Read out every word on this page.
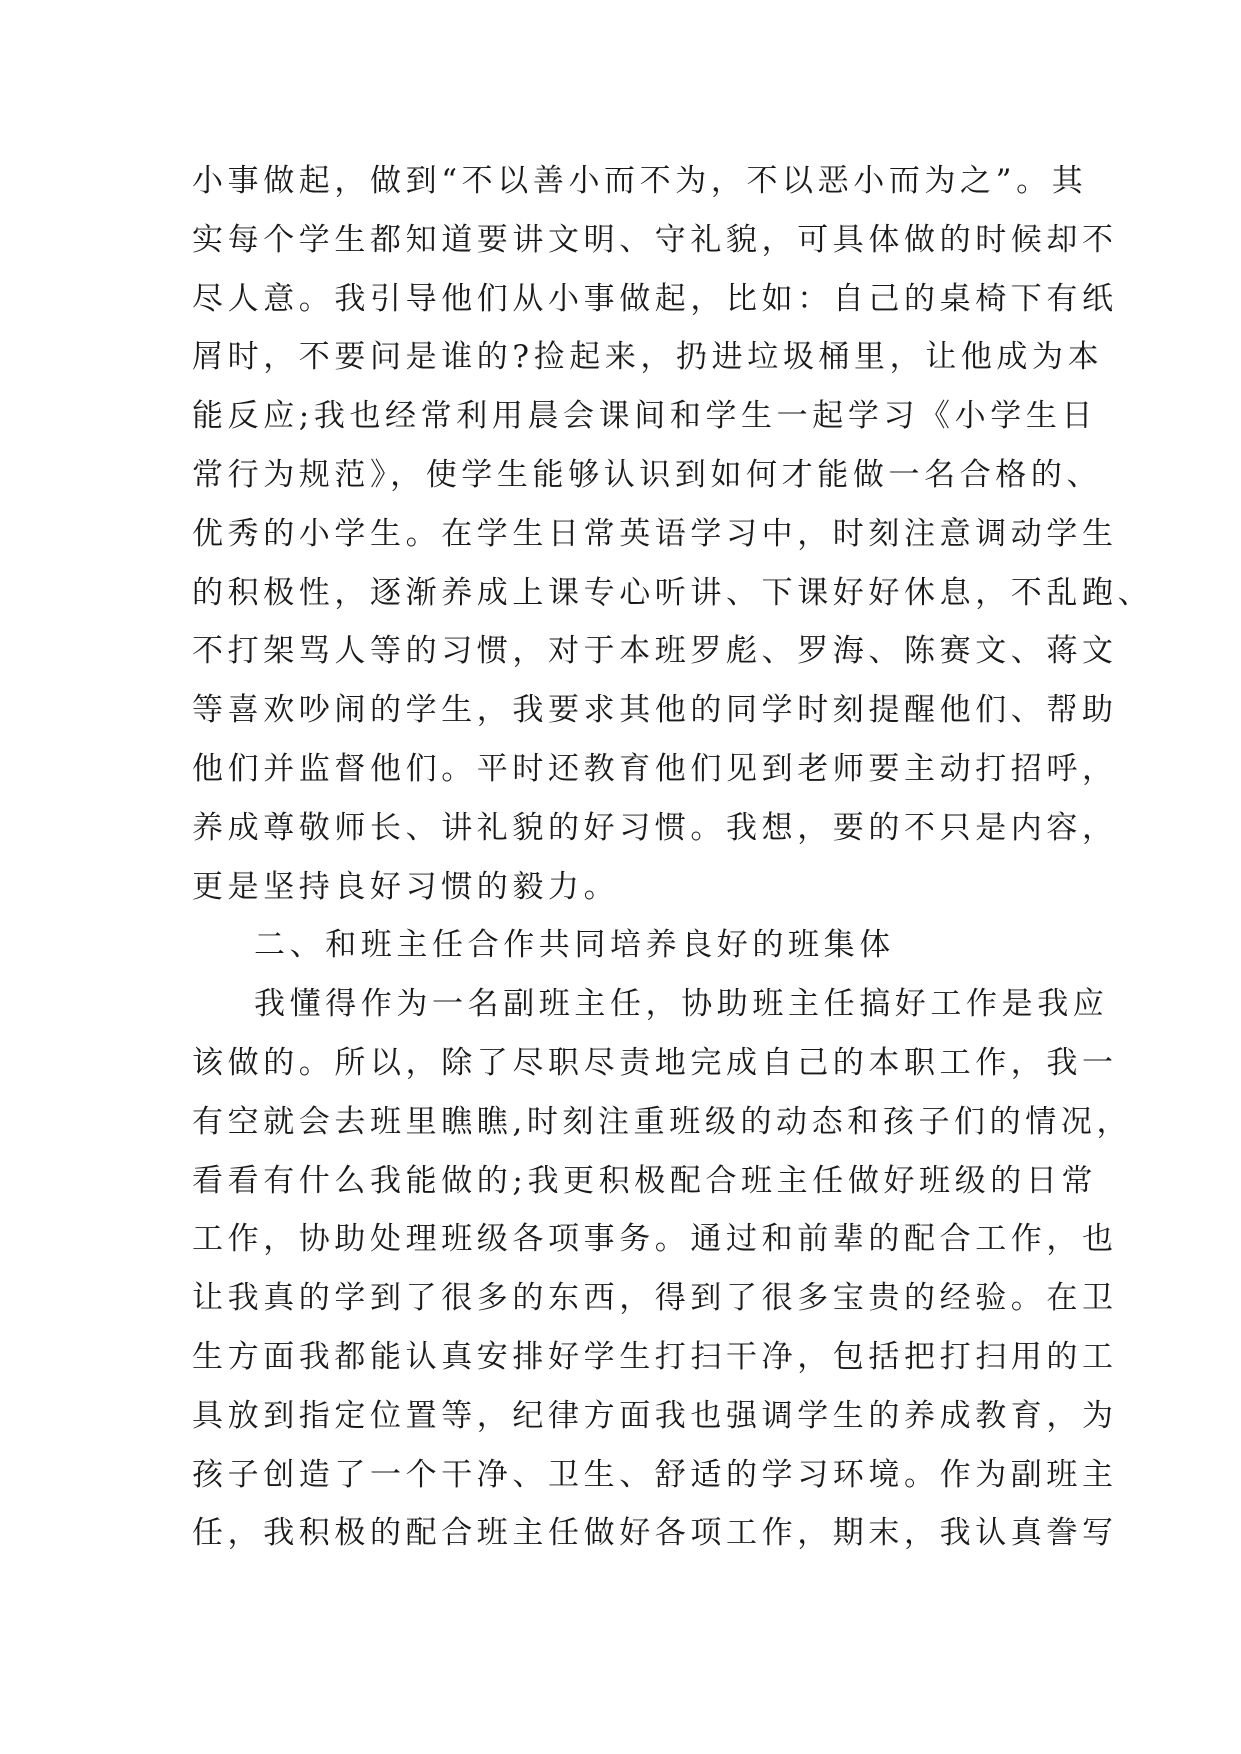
小事做起，做到“不以善小而不为，不以恶小而为之”。其
实每个学生都知道要讲文明、守礼貌，可具体做的时候却不
尽人意。我引导他们从小事做起，比如：自己的桌椅下有纸
屑时，不要问是谁的?捡起来，扔进垃圾桶里，让他成为本
能反应;我也经常利用晨会课间和学生一起学习《小学生日
常行为规范》，使学生能够认识到如何才能做一名合格的、
优秀的小学生。在学生日常英语学习中，时刻注意调动学生
的积极性，逐渐养成上课专心听讲、下课好好休息，不乱跑、
不打架骂人等的习惯，对于本班罗彪、罗海、陈赛文、蒋文
等喜欢吵闹的学生，我要求其他的同学时刻提醒他们、帮助
他们并监督他们。平时还教育他们见到老师要主动打招呼，
养成尊敬师长、讲礼貌的好习惯。我想，要的不只是内容，
更是坚持良好习惯的毅力。
二、和班主任合作共同培养良好的班集体
我懂得作为一名副班主任，协助班主任搞好工作是我应
该做的。所以，除了尽职尽责地完成自己的本职工作，我一
有空就会去班里瞧瞧,时刻注重班级的动态和孩子们的情况，
看看有什么我能做的;我更积极配合班主任做好班级的日常
工作，协助处理班级各项事务。通过和前辈的配合工作，也
让我真的学到了很多的东西，得到了很多宝贵的经验。在卫
生方面我都能认真安排好学生打扫干净，包括把打扫用的工
具放到指定位置等，纪律方面我也强调学生的养成教育，为
孩子创造了一个干净、卫生、舒适的学习环境。作为副班主
任，我积极的配合班主任做好各项工作，期末，我认真誊写
